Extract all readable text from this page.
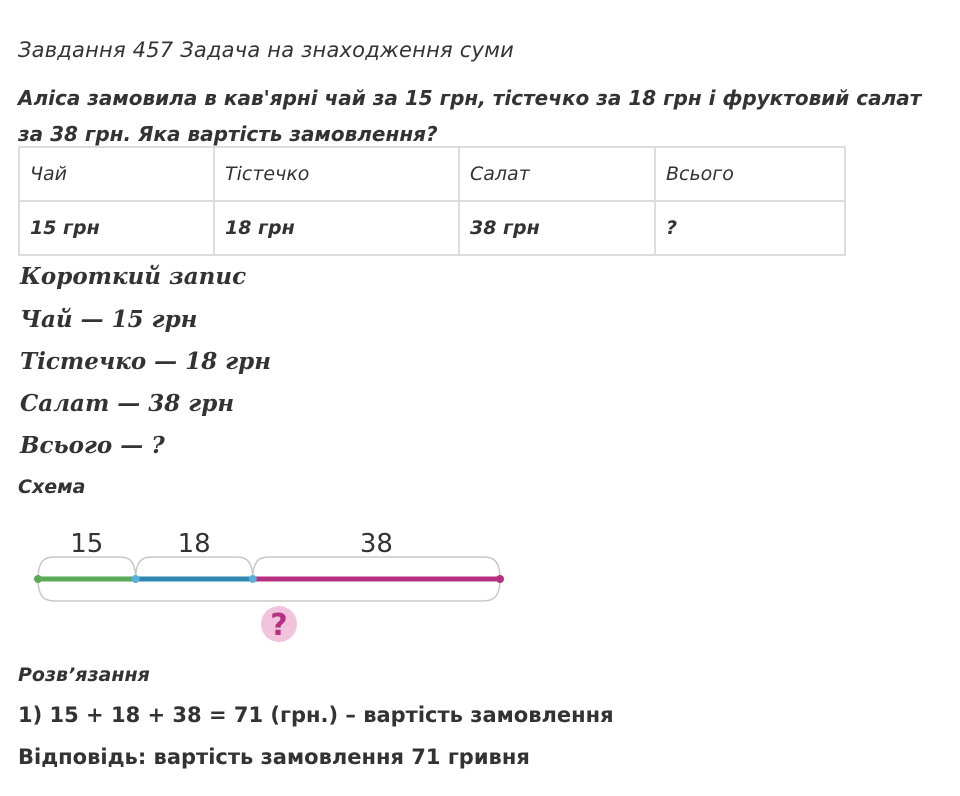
Завдання 457 Задача на знаходження суми
Аліса замовила в кав'ярні чай за 15 грн, тістечко за 18 грн і фруктовий салат за 38 грн. Яка вартість замовлення?
Чай	Тістечко	Салат	Всього
15 грн	18 грн	38 грн	?
Короткий запис
Чай — 15 грн
Тістечко — 18 грн
Салат — 38 грн
Всього — ?
Схема
15	18	38
?
Розв’язання
1) 15 + 18 + 38 = 71 (грн.) – вартість замовлення
Відповідь: вартість замовлення 71 гривня
